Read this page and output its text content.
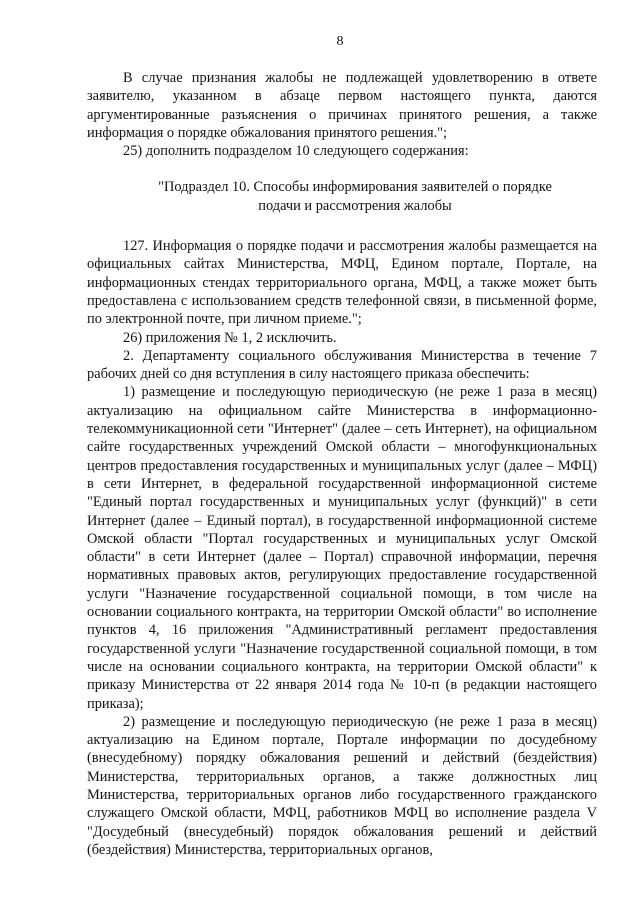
8

В случае признания жалобы не подлежащей удовлетворению в ответе заявителю, указанном в абзаце первом настоящего пункта, даются аргументированные разъяснения о причинах принятого решения, а также информация о порядке обжалования принятого решения.";

25) дополнить подразделом 10 следующего содержания:

"Подраздел 10. Способы информирования заявителей о порядке
подачи и рассмотрения жалобы

127. Информация о порядке подачи и рассмотрения жалобы размещается на официальных сайтах Министерства, МФЦ, Едином портале, Портале, на информационных стендах территориального органа, МФЦ, а также может быть предоставлена с использованием средств телефонной связи, в письменной форме, по электронной почте, при личном приеме.";

26) приложения № 1, 2 исключить.

2. Департаменту социального обслуживания Министерства в течение 7 рабочих дней со дня вступления в силу настоящего приказа обеспечить:

1) размещение и последующую периодическую (не реже 1 раза в месяц) актуализацию на официальном сайте Министерства в информационно-телекоммуникационной сети "Интернет" (далее – сеть Интернет), на официальном сайте государственных учреждений Омской области – многофункциональных центров предоставления государственных и муниципальных услуг (далее – МФЦ) в сети Интернет, в федеральной государственной информационной системе "Единый портал государственных и муниципальных услуг (функций)" в сети Интернет (далее – Единый портал), в государственной информационной системе Омской области "Портал государственных и муниципальных услуг Омской области" в сети Интернет (далее – Портал) справочной информации, перечня нормативных правовых актов, регулирующих предоставление государственной услуги "Назначение государственной социальной помощи, в том числе на основании социального контракта, на территории Омской области" во исполнение пунктов 4, 16 приложения "Административный регламент предоставления государственной услуги "Назначение государственной социальной помощи, в том числе на основании социального контракта, на территории Омской области" к приказу Министерства от 22 января 2014 года № 10-п (в редакции настоящего приказа);

2) размещение и последующую периодическую (не реже 1 раза в месяц) актуализацию на Едином портале, Портале информации по досудебному (внесудебному) порядку обжалования решений и действий (бездействия) Министерства, территориальных органов, а также должностных лиц Министерства, территориальных органов либо государственного гражданского служащего Омской области, МФЦ, работников МФЦ во исполнение раздела V "Досудебный (внесудебный) порядок обжалования решений и действий (бездействия) Министерства, территориальных органов,
